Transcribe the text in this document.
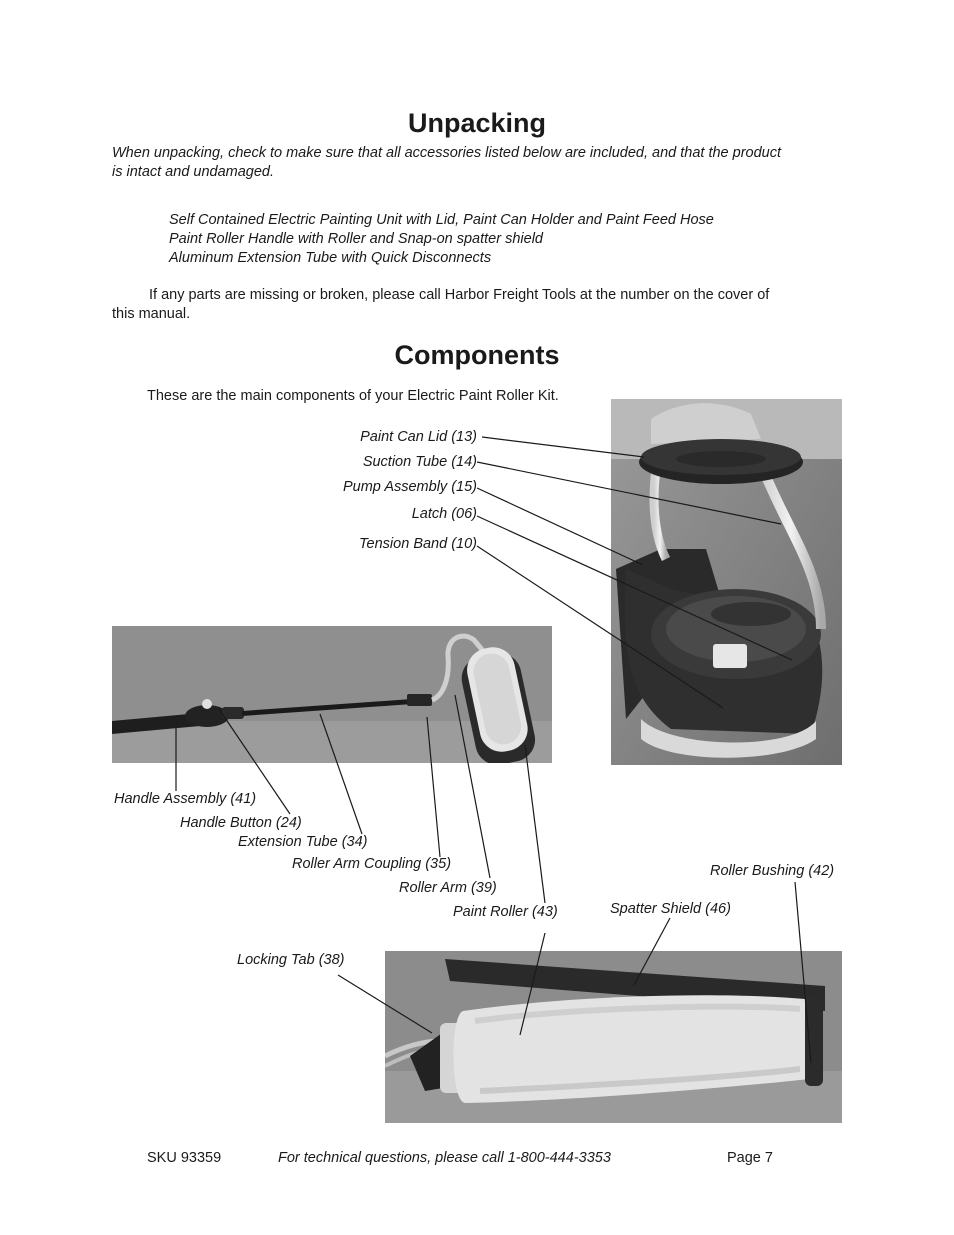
Unpacking
When unpacking, check to make sure that all accessories listed below are included, and that the product
is intact and undamaged.
Self Contained Electric Painting Unit with Lid, Paint Can Holder and Paint Feed Hose
Paint Roller Handle with Roller and Snap-on spatter shield
Aluminum Extension Tube with Quick Disconnects
If any parts are missing or broken, please call Harbor Freight Tools at the number on the cover of
this manual.
Components
These are the main components of your Electric Paint Roller Kit.
Paint Can Lid (13)
Suction Tube (14)
Pump Assembly (15)
Latch (06)
Tension Band (10)
Handle Assembly (41)
Handle Button (24)
Extension Tube (34)
Roller Arm Coupling (35)
Roller Arm (39)
Paint Roller (43)
Roller Bushing (42)
Spatter Shield (46)
Locking Tab (38)
SKU 93359	For technical questions, please call 1-800-444-3353	Page 7
